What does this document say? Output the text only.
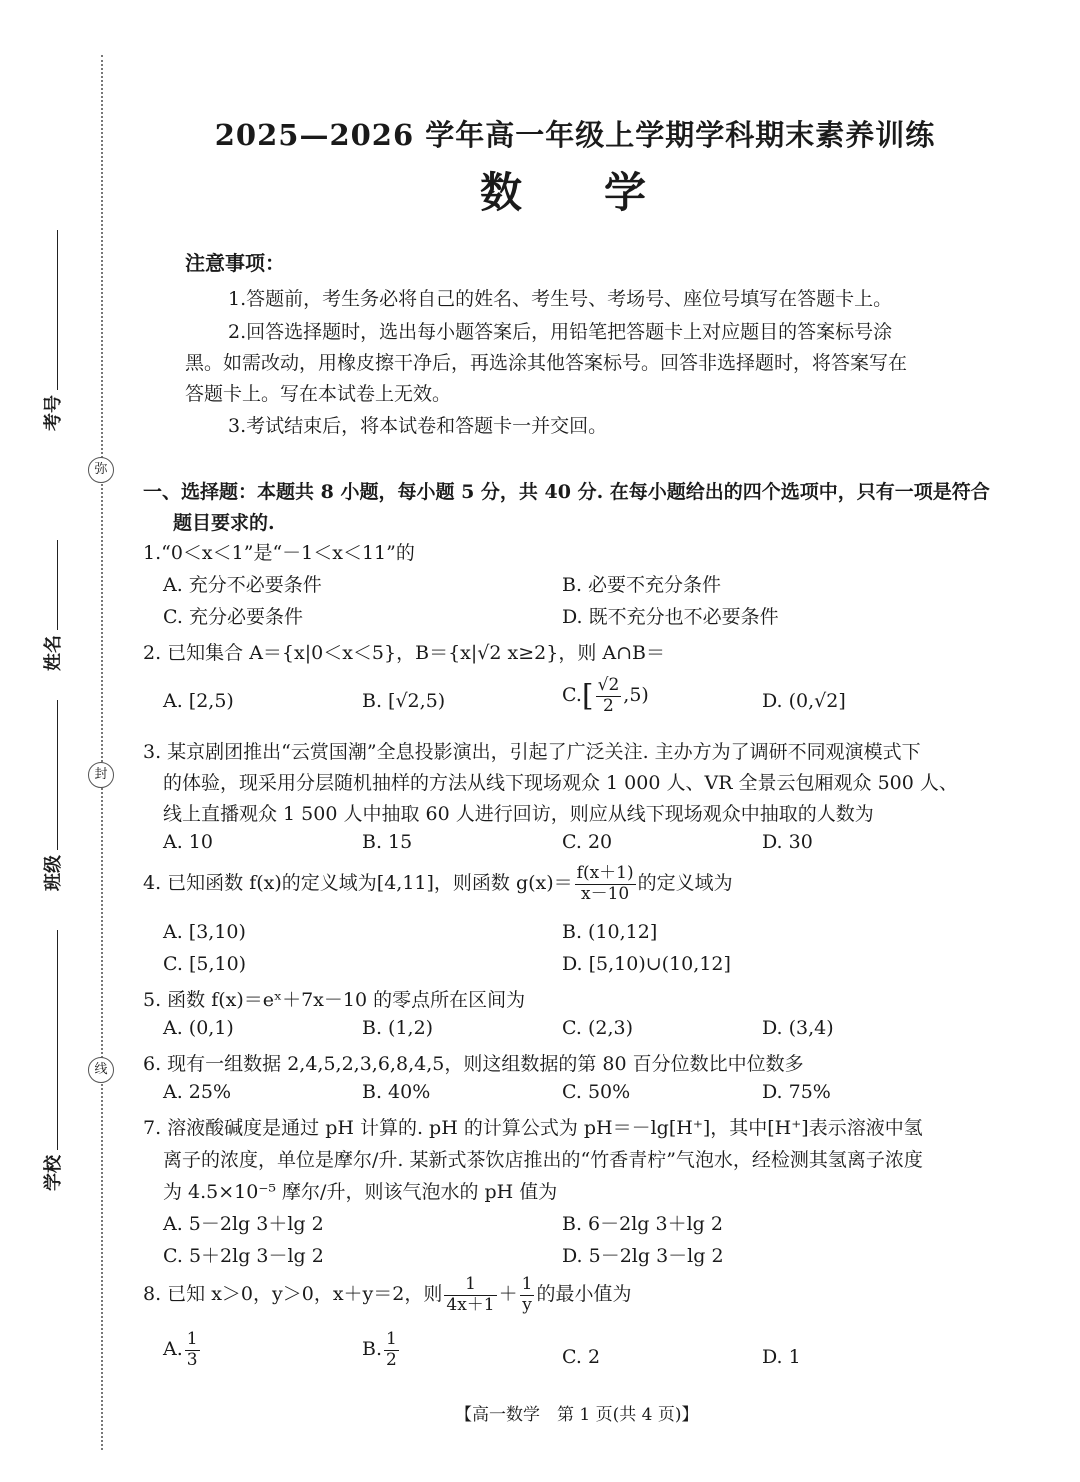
考号
姓名
班级
学校
弥
封
线
2025—2026 学年高一年级上学期学科期末素养训练
数学
注意事项：
1.答题前，考生务必将自己的姓名、考生号、考场号、座位号填写在答题卡上。
2.回答选择题时，选出每小题答案后，用铅笔把答题卡上对应题目的答案标号涂
黑。如需改动，用橡皮擦干净后，再选涂其他答案标号。回答非选择题时，将答案写在
答题卡上。写在本试卷上无效。
3.考试结束后，将本试卷和答题卡一并交回。
一、选择题：本题共 8 小题，每小题 5 分，共 40 分. 在每小题给出的四个选项中，只有一项是符合
题目要求的.
1.“0＜x＜1”是“－1＜x＜11”的
A. 充分不必要条件	B. 必要不充分条件
C. 充分必要条件	D. 既不充分也不必要条件
2. 已知集合 A＝{x|0＜x＜5}，B＝{x|√2 x≥2}，则 A∩B＝
A. [2,5)	B. [√2,5)	$C.[ \frac{√2}{2} ,5)$	D. (0,√2]
3. 某京剧团推出“云赏国潮”全息投影演出，引起了广泛关注. 主办方为了调研不同观演模式下
的体验，现采用分层随机抽样的方法从线下现场观众 1 000 人、VR 全景云包厢观众 500 人、
线上直播观众 1 500 人中抽取 60 人进行回访，则应从线下现场观众中抽取的人数为
A. 10	B. 15	C. 20	D. 30
4. 已知函数 f(x)的定义域为[4,11]，则函数 $g(x)= \frac{f(x+1)}{x-10}$ 的定义域为
A. [3,10)	B. (10,12]
C. [5,10)	D. [5,10)∪(10,12]
5. 函数 f(x)＝eˣ＋7x－10 的零点所在区间为
A. (0,1)	B. (1,2)	C. (2,3)	D. (3,4)
6. 现有一组数据 2,4,5,2,3,6,8,4,5，则这组数据的第 80 百分位数比中位数多
A. 25%	B. 40%	C. 50%	D. 75%
7. 溶液酸碱度是通过 pH 计算的. pH 的计算公式为 pH＝－lg[H⁺]，其中[H⁺]表示溶液中氢
离子的浓度，单位是摩尔/升. 某新式茶饮店推出的“竹香青柠”气泡水，经检测其氢离子浓度
为 4.5×10⁻⁵ 摩尔/升，则该气泡水的 pH 值为
A. 5－2lg 3＋lg 2	B. 6－2lg 3＋lg 2
C. 5＋2lg 3－lg 2	D. 5－2lg 3－lg 2
8. 已知 x＞0，y＞0，x＋y＝2，则 $\frac{1}{4x+1} + \frac{1}{y}$ 的最小值为
A. $\frac{1}{3}$	B. $\frac{1}{2}$	C. 2	D. 1
【高一数学　第 1 页(共 4 页)】
